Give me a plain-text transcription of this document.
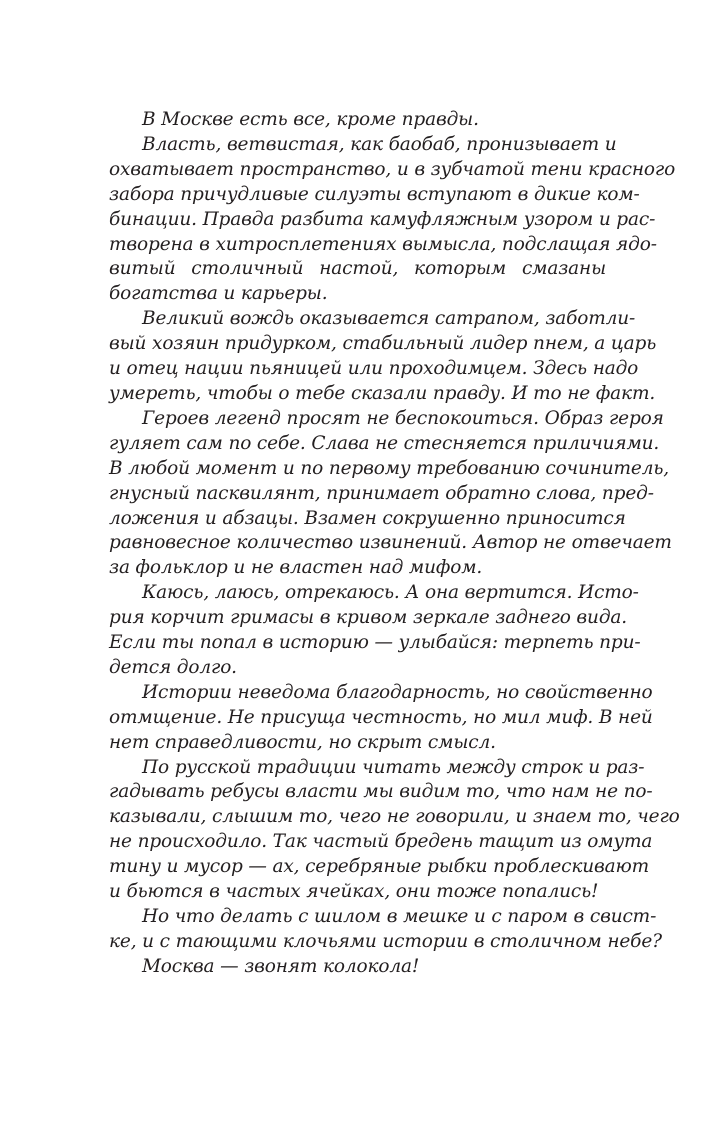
В Москве есть все, кроме правды.

Власть, ветвистая, как баобаб, пронизывает и
охватывает пространство, и в зубчатой тени красного
забора причудливые силуэты вступают в дикие ком-
бинации. Правда разбита камуфляжным узором и рас-
творена в хитросплетениях вымысла, подслащая ядо-
витый столичный настой, которым смазаны
богатства и карьеры.

Великий вождь оказывается сатрапом, заботли-
вый хозяин придурком, стабильный лидер пнем, а царь
и отец нации пьяницей или проходимцем. Здесь надо
умереть, чтобы о тебе сказали правду. И то не факт.

Героев легенд просят не беспокоиться. Образ героя
гуляет сам по себе. Слава не стесняется приличиями.
В любой момент и по первому требованию сочинитель,
гнусный пасквилянт, принимает обратно слова, пред-
ложения и абзацы. Взамен сокрушенно приносится
равновесное количество извинений. Автор не отвечает
за фольклор и не властен над мифом.

Каюсь, лаюсь, отрекаюсь. А она вертится. Исто-
рия корчит гримасы в кривом зеркале заднего вида.
Если ты попал в историю — улыбайся: терпеть при-
дется долго.

Истории неведома благодарность, но свойственно
отмщение. Не присуща честность, но мил миф. В ней
нет справедливости, но скрыт смысл.

По русской традиции читать между строк и раз-
гадывать ребусы власти мы видим то, что нам не по-
казывали, слышим то, чего не говорили, и знаем то, чего
не происходило. Так частый бредень тащит из омута
тину и мусор — ах, серебряные рыбки проблескивают
и бьются в частых ячейках, они тоже попались!

Но что делать с шилом в мешке и с паром в свист-
ке, и с тающими клочьями истории в столичном небе?

Москва — звонят колокола!
